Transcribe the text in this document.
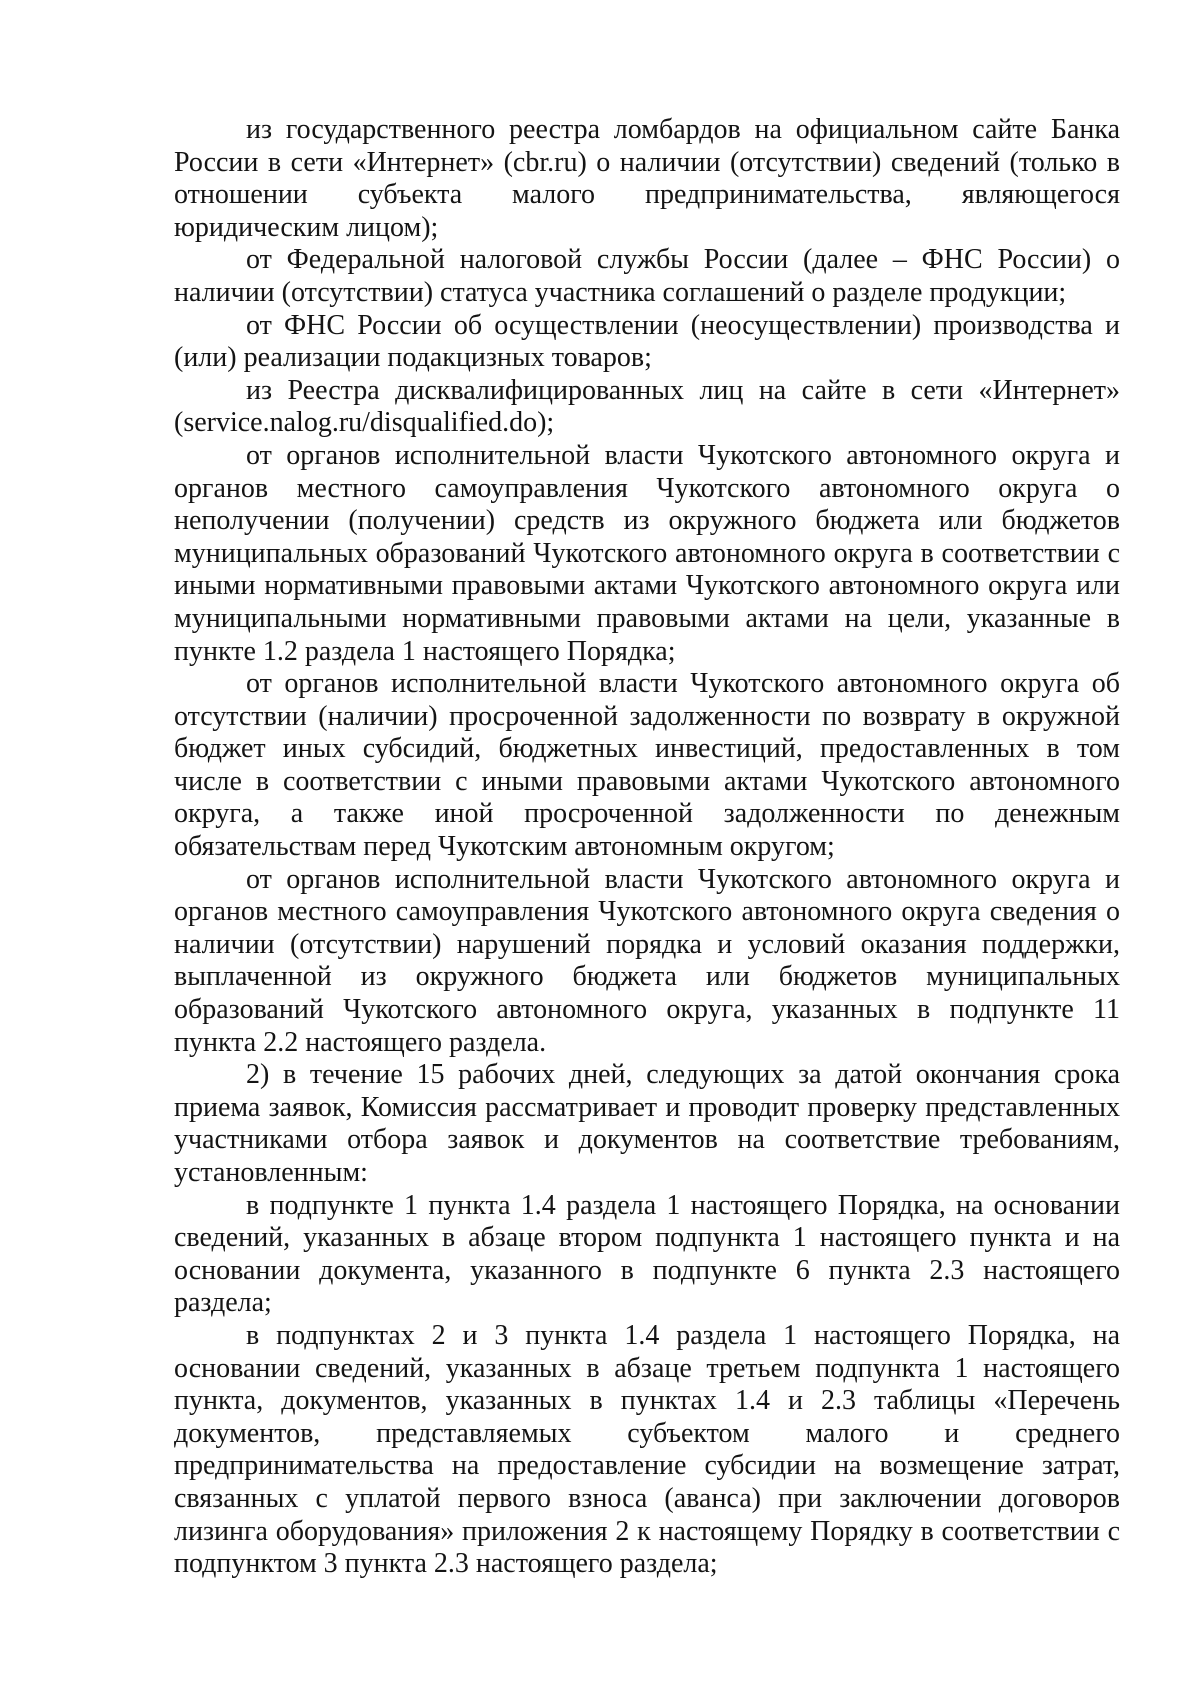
из государственного реестра ломбардов на официальном сайте Банка России в сети «Интернет» (cbr.ru) о наличии (отсутствии) сведений (только в отношении субъекта малого предпринимательства, являющегося юридическим лицом);

от Федеральной налоговой службы России (далее – ФНС России) о наличии (отсутствии) статуса участника соглашений о разделе продукции;

от ФНС России об осуществлении (неосуществлении) производства и (или) реализации подакцизных товаров;

из Реестра дисквалифицированных лиц на сайте в сети «Интернет» (service.nalog.ru/disqualified.do);

от органов исполнительной власти Чукотского автономного округа и органов местного самоуправления Чукотского автономного округа о неполучении (получении) средств из окружного бюджета или бюджетов муниципальных образований Чукотского автономного округа в соответствии с иными нормативными правовыми актами Чукотского автономного округа или муниципальными нормативными правовыми актами на цели, указанные в пункте 1.2 раздела 1 настоящего Порядка;

от органов исполнительной власти Чукотского автономного округа об отсутствии (наличии) просроченной задолженности по возврату в окружной бюджет иных субсидий, бюджетных инвестиций, предоставленных в том числе в соответствии с иными правовыми актами Чукотского автономного округа, а также иной просроченной задолженности по денежным обязательствам перед Чукотским автономным округом;

от органов исполнительной власти Чукотского автономного округа и органов местного самоуправления Чукотского автономного округа сведения о наличии (отсутствии) нарушений порядка и условий оказания поддержки, выплаченной из окружного бюджета или бюджетов муниципальных образований Чукотского автономного округа, указанных в подпункте 11 пункта 2.2 настоящего раздела.

2) в течение 15 рабочих дней, следующих за датой окончания срока приема заявок, Комиссия рассматривает и проводит проверку представленных участниками отбора заявок и документов на соответствие требованиям, установленным:

в подпункте 1 пункта 1.4 раздела 1 настоящего Порядка, на основании сведений, указанных в абзаце втором подпункта 1 настоящего пункта и на основании документа, указанного в подпункте 6 пункта 2.3 настоящего раздела;

в подпунктах 2 и 3 пункта 1.4 раздела 1 настоящего Порядка, на основании сведений, указанных в абзаце третьем подпункта 1 настоящего пункта, документов, указанных в пунктах 1.4 и 2.3 таблицы «Перечень документов, представляемых субъектом малого и среднего предпринимательства на предоставление субсидии на возмещение затрат, связанных с уплатой первого взноса (аванса) при заключении договоров лизинга оборудования» приложения 2 к настоящему Порядку в соответствии с подпунктом 3 пункта 2.3 настоящего раздела;
